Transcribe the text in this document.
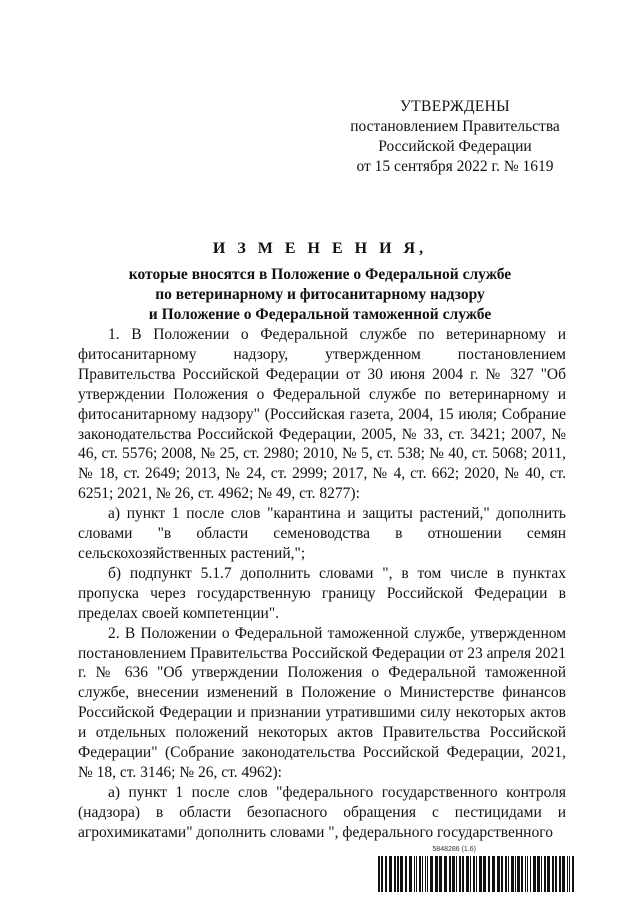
УТВЕРЖДЕНЫ
постановлением Правительства
Российской Федерации
от 15 сентября 2022 г. № 1619
И З М Е Н Е Н И Я,
которые вносятся в Положение о Федеральной службе
по ветеринарному и фитосанитарному надзору
и Положение о Федеральной таможенной службе

1. В Положении о Федеральной службе по ветеринарному и фитосанитарному надзору, утвержденном постановлением Правительства Российской Федерации от 30 июня 2004 г. № 327 "Об утверждении Положения о Федеральной службе по ветеринарному и фитосанитарному надзору" (Российская газета, 2004, 15 июля; Собрание законодательства Российской Федерации, 2005, № 33, ст. 3421; 2007, № 46, ст. 5576; 2008, № 25, ст. 2980; 2010, № 5, ст. 538; № 40, ст. 5068; 2011, № 18, ст. 2649; 2013, № 24, ст. 2999; 2017, № 4, ст. 662; 2020, № 40, ст. 6251; 2021, № 26, ст. 4962; № 49, ст. 8277):

а) пункт 1 после слов "карантина и защиты растений," дополнить словами "в области семеноводства в отношении семян сельскохозяйственных растений,";

б) подпункт 5.1.7 дополнить словами ", в том числе в пунктах пропуска через государственную границу Российской Федерации в пределах своей компетенции".

2. В Положении о Федеральной таможенной службе, утвержденном постановлением Правительства Российской Федерации от 23 апреля 2021 г. № 636 "Об утверждении Положения о Федеральной таможенной службе, внесении изменений в Положение о Министерстве финансов Российской Федерации и признании утратившими силу некоторых актов и отдельных положений некоторых актов Правительства Российской Федерации" (Собрание законодательства Российской Федерации, 2021, № 18, ст. 3146; № 26, ст. 4962):

а) пункт 1 после слов "федерального государственного контроля (надзора) в области безопасного обращения с пестицидами и агрохимикатами" дополнить словами ", федерального государственного

5848286 (1.6)
